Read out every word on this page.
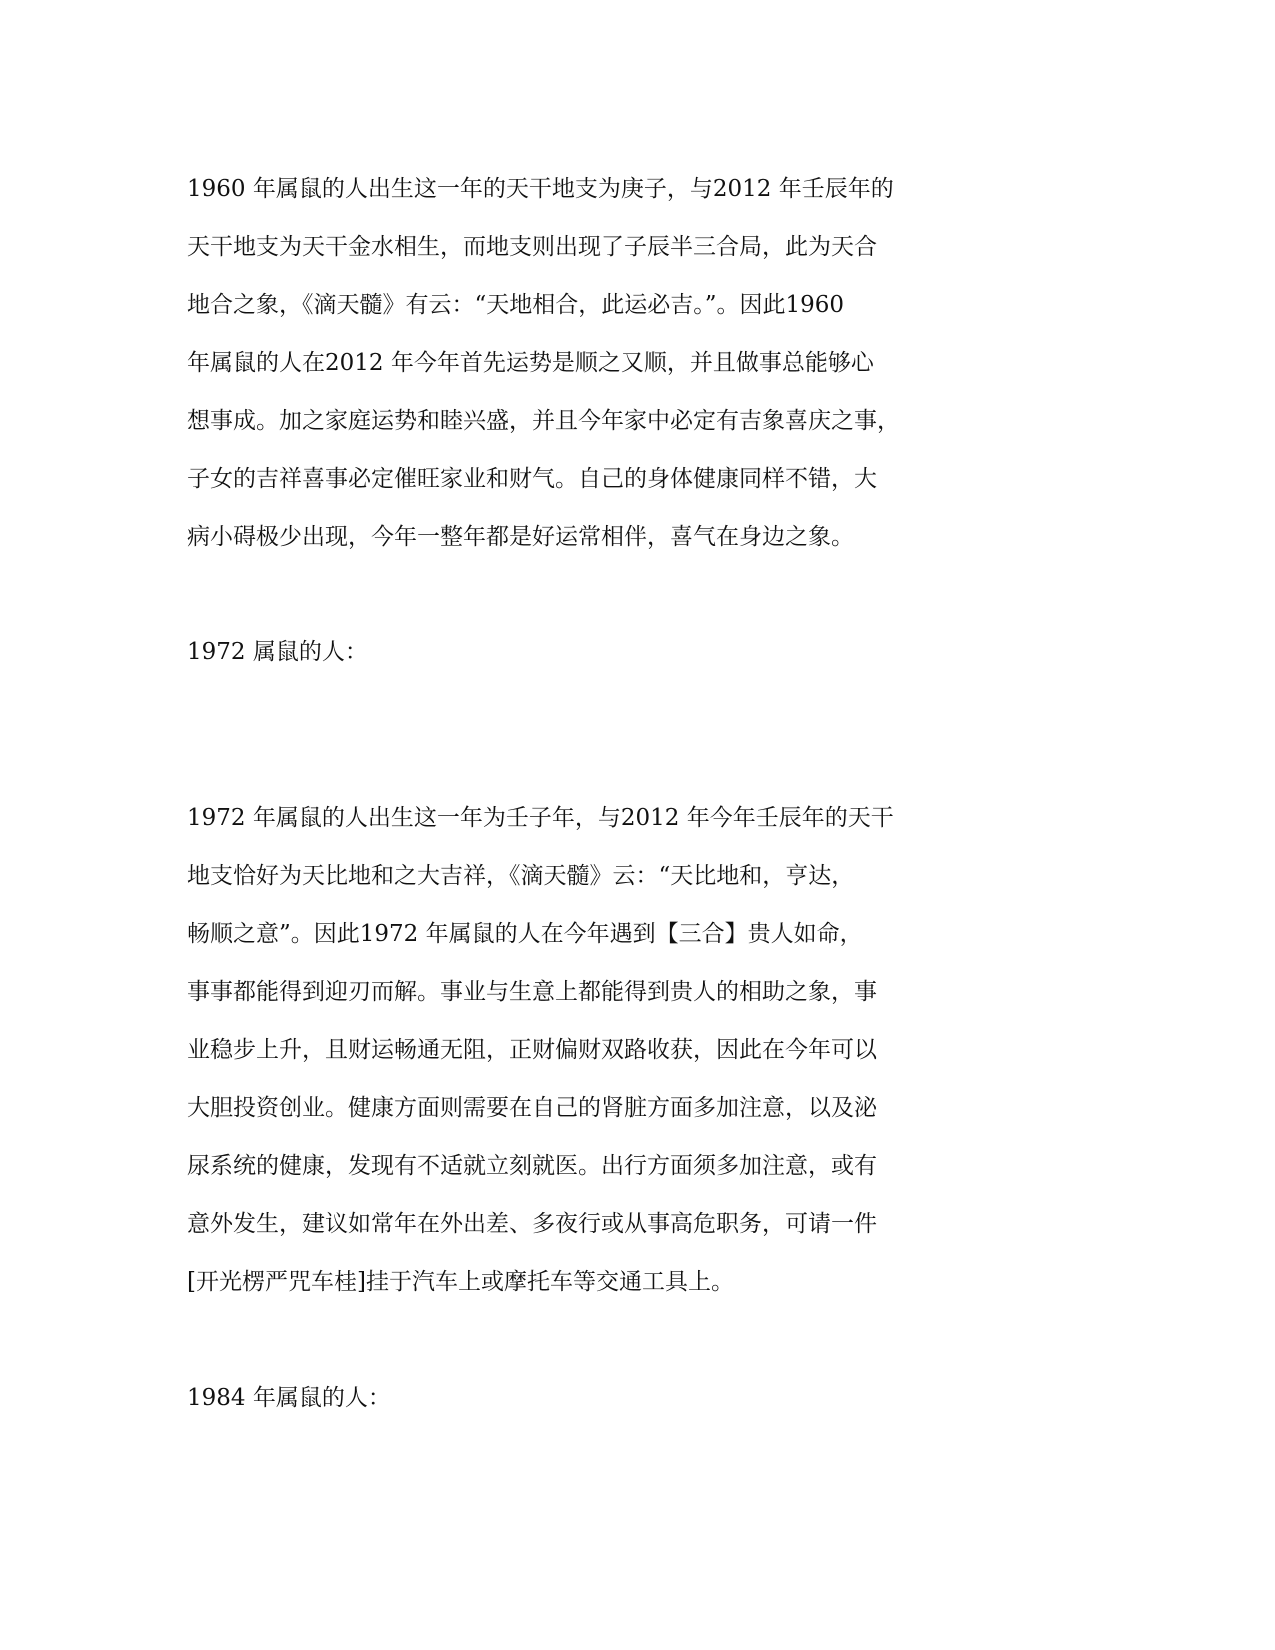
1960 年属鼠的人出生这一年的天干地支为庚子，与2012 年壬辰年的
天干地支为天干金水相生，而地支则出现了子辰半三合局，此为天合
地合之象，《滴天髓》有云：“天地相合，此运必吉。”。因此1960
年属鼠的人在2012 年今年首先运势是顺之又顺，并且做事总能够心
想事成。加之家庭运势和睦兴盛，并且今年家中必定有吉象喜庆之事，
子女的吉祥喜事必定催旺家业和财气。自己的身体健康同样不错，大
病小碍极少出现，今年一整年都是好运常相伴，喜气在身边之象。
1972 属鼠的人：
1972 年属鼠的人出生这一年为壬子年，与2012 年今年壬辰年的天干
地支恰好为天比地和之大吉祥，《滴天髓》云：“天比地和，亨达，
畅顺之意”。因此1972 年属鼠的人在今年遇到【三合】贵人如命，
事事都能得到迎刃而解。事业与生意上都能得到贵人的相助之象，事
业稳步上升，且财运畅通无阻，正财偏财双路收获，因此在今年可以
大胆投资创业。健康方面则需要在自己的肾脏方面多加注意，以及泌
尿系统的健康，发现有不适就立刻就医。出行方面须多加注意，或有
意外发生，建议如常年在外出差、多夜行或从事高危职务，可请一件
[开光楞严咒车桂]挂于汽车上或摩托车等交通工具上。
1984 年属鼠的人：
